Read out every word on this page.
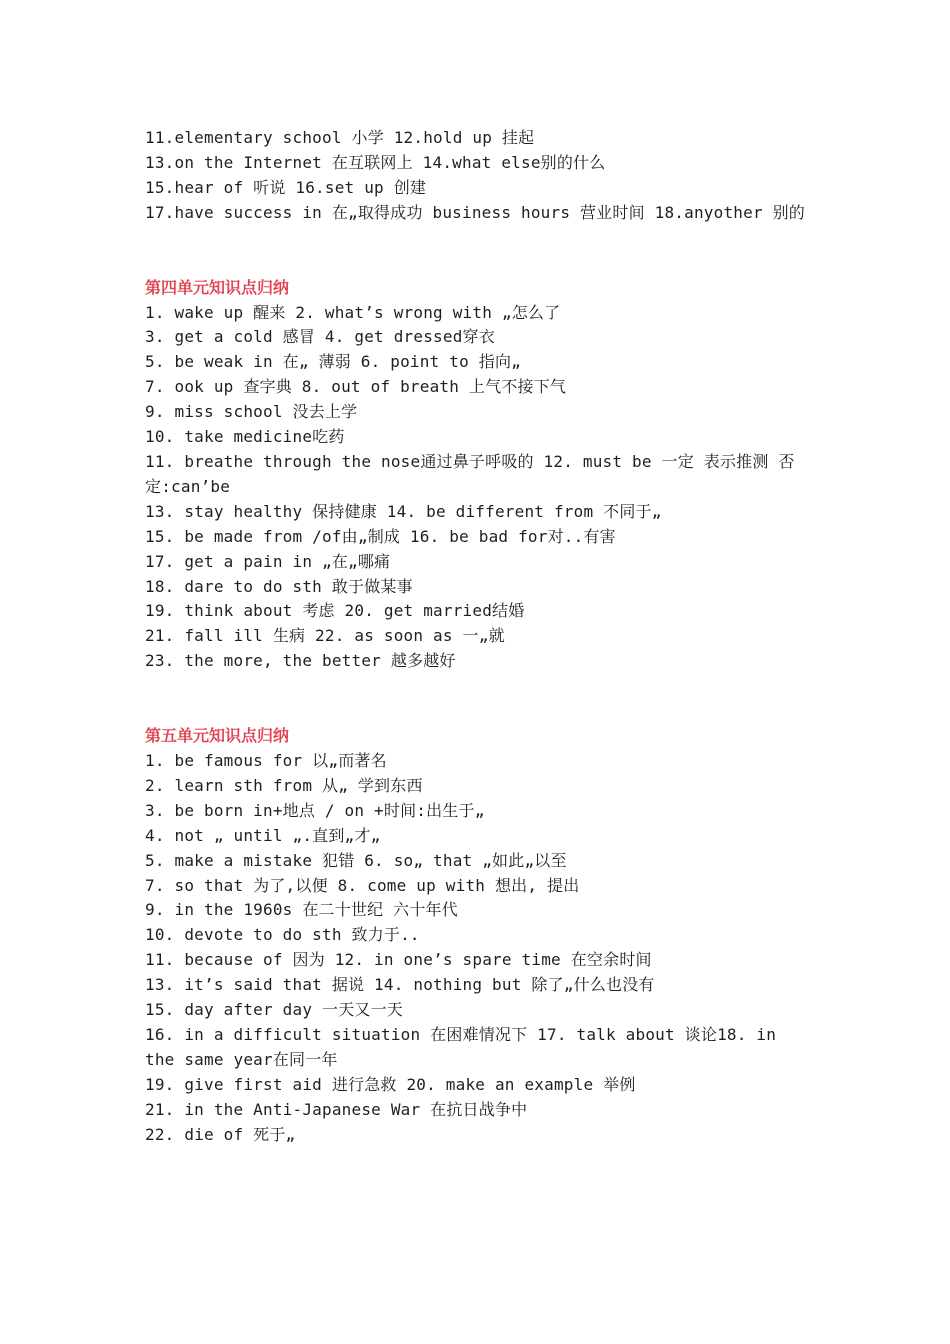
11.elementary school 小学 12.hold up 挂起
13.on the Internet 在互联网上 14.what else别的什么
15.hear of 听说 16.set up 创建
17.have success in 在„取得成功 business hours 营业时间 18.anyother 别的
第四单元知识点归纳
1. wake up 醒来 2. what’s wrong with „怎么了
3. get a cold 感冒 4. get dressed穿衣
5. be weak in 在„ 薄弱 6. point to 指向„
7. ook up 查字典 8. out of breath 上气不接下气
9. miss school 没去上学
10. take medicine吃药
11. breathe through the nose通过鼻子呼吸的 12. must be 一定 表示推测 否定:can’be
13. stay healthy 保持健康 14. be different from 不同于„
15. be made from /of由„制成 16. be bad for对..有害
17. get a pain in „在„哪痛
18. dare to do sth 敢于做某事
19. think about 考虑 20. get married结婚
21. fall ill 生病 22. as soon as 一„就
23. the more, the better 越多越好
第五单元知识点归纳
1. be famous for 以„而著名
2. learn sth from 从„ 学到东西
3. be born in+地点 / on +时间:出生于„
4. not „ until „.直到„才„
5. make a mistake 犯错 6. so„ that „如此„以至
7. so that 为了,以便 8. come up with 想出, 提出
9. in the 1960s 在二十世纪 六十年代
10. devote to do sth 致力于..
11. because of 因为 12. in one’s spare time 在空余时间
13. it’s said that 据说 14. nothing but 除了„什么也没有
15. day after day 一天又一天
16. in a difficult situation 在困难情况下 17. talk about 谈论18. in the same year在同一年
19. give first aid 进行急救 20. make an example 举例
21. in the Anti-Japanese War 在抗日战争中
22. die of 死于„
